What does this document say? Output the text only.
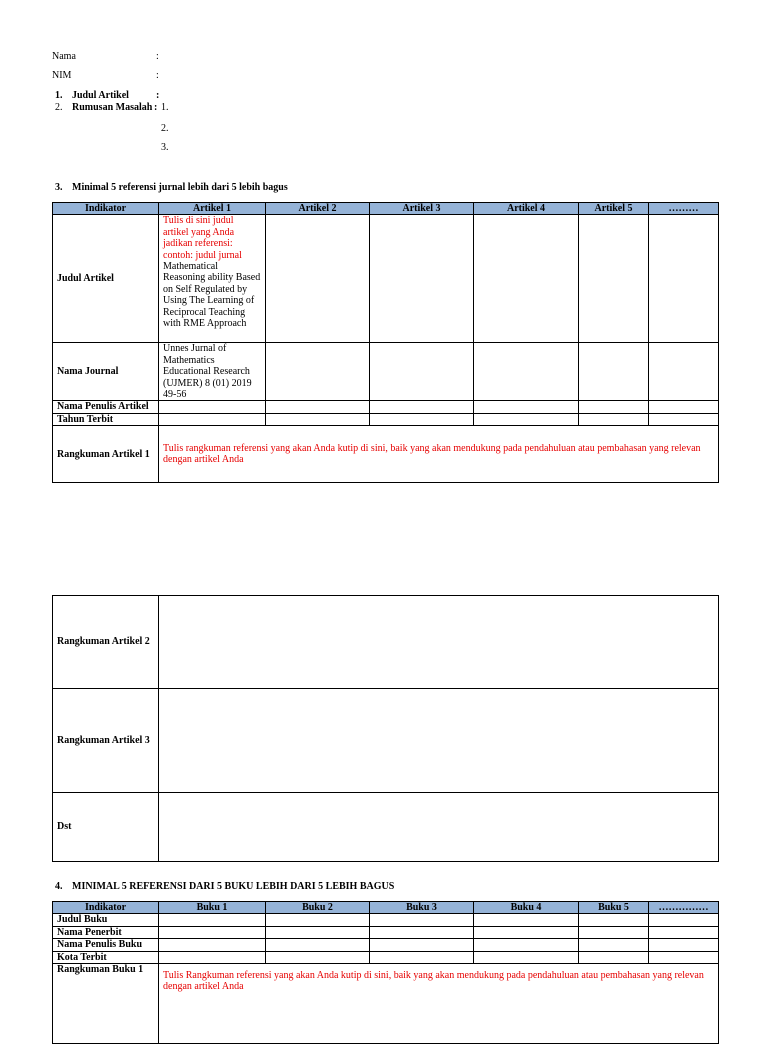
Nama	:
NIM	:
1. Judul Artikel	:
2. Rumusan Masalah : 1.
2.
3.
3. Minimal 5 referensi jurnal lebih dari 5 lebih bagus
Indikator	Artikel 1	Artikel 2	Artikel 3	Artikel 4	Artikel 5	………
Judul Artikel	Tulis di sini judul artikel yang Anda jadikan referensi: contoh: judul jurnal
Mathematical Reasoning ability Based on Self Regulated by Using The Learning of Reciprocal Teaching with RME Approach					

Nama Journal	Unnes Jurnal of Mathematics Educational Research (UJMER) 8 (01) 2019 49-56					
Nama Penulis Artikel						
Tahun Terbit						
Rangkuman Artikel 1	Tulis rangkuman referensi yang akan Anda kutip di sini, baik yang akan mendukung pada pendahuluan atau pembahasan yang relevan dengan artikel Anda					
Rangkuman Artikel 2	
Rangkuman Artikel 3	
Dst	
4. MINIMAL 5 REFERENSI DARI 5 BUKU LEBIH DARI 5 LEBIH BAGUS
Indikator	Buku 1	Buku 2	Buku 3	Buku 4	Buku 5	……………
Judul Buku						
Nama Penerbit						
Nama Penulis Buku						
Kota Terbit						
Rangkuman Buku 1	Tulis Rangkuman referensi yang akan Anda kutip di sini, baik yang akan mendukung pada pendahuluan atau pembahasan yang relevan dengan artikel Anda					
